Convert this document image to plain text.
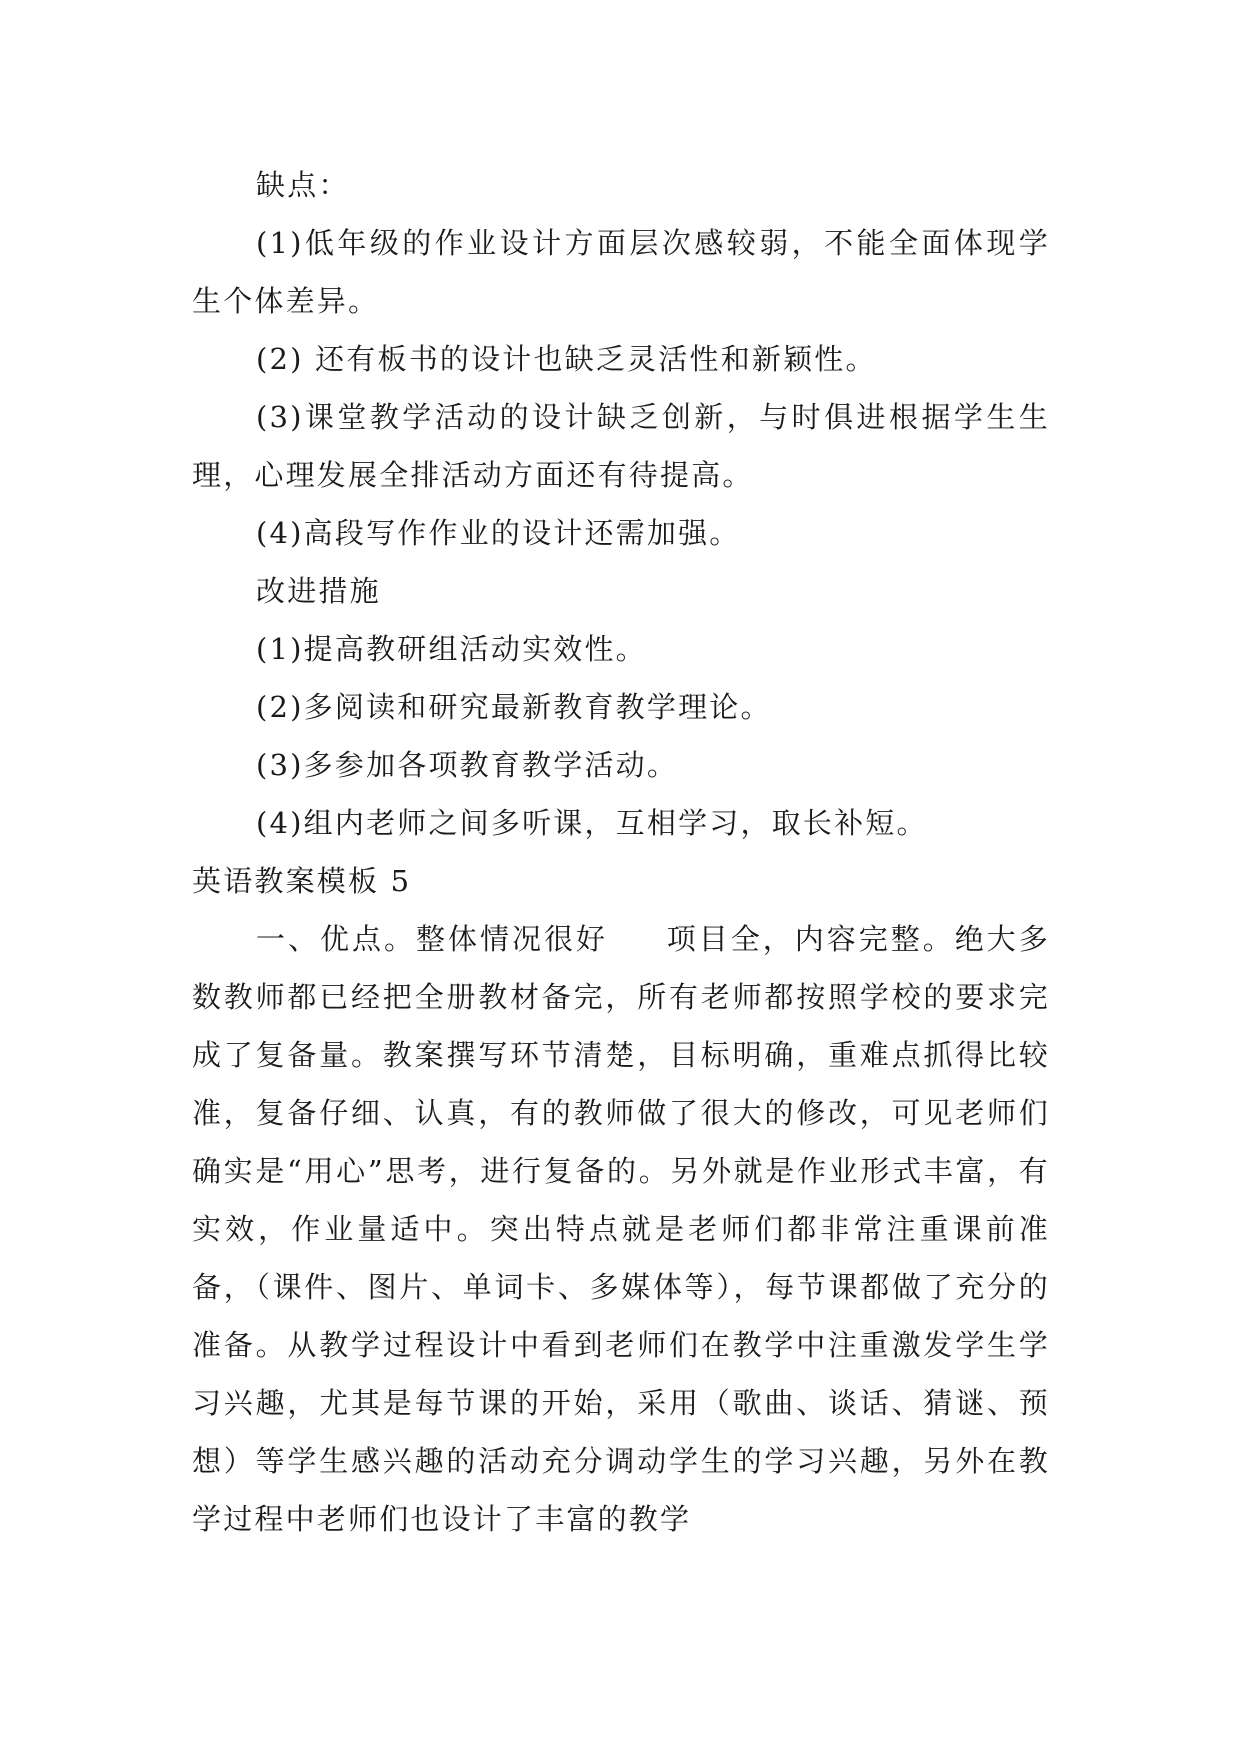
缺点：

(1)低年级的作业设计方面层次感较弱，不能全面体现学生个体差异。

(2) 还有板书的设计也缺乏灵活性和新颖性。

(3)课堂教学活动的设计缺乏创新，与时俱进根据学生生理，心理发展全排活动方面还有待提高。

(4)高段写作作业的设计还需加强。

改进措施

(1)提高教研组活动实效性。

(2)多阅读和研究最新教育教学理论。

(3)多参加各项教育教学活动。

(4)组内老师之间多听课，互相学习，取长补短。

英语教案模板 5

一、优点。整体情况很好 项目全，内容完整。绝大多数教师都已经把全册教材备完，所有老师都按照学校的要求完成了复备量。教案撰写环节清楚，目标明确，重难点抓得比较准，复备仔细、认真，有的教师做了很大的修改，可见老师们确实是“用心”思考，进行复备的。另外就是作业形式丰富，有实效，作业量适中。突出特点就是老师们都非常注重课前准备，（课件、图片、单词卡、多媒体等），每节课都做了充分的准备。从教学过程设计中看到老师们在教学中注重激发学生学习兴趣，尤其是每节课的开始，采用（歌曲、谈话、猜谜、预想）等学生感兴趣的活动充分调动学生的学习兴趣，另外在教学过程中老师们也设计了丰富的教学
